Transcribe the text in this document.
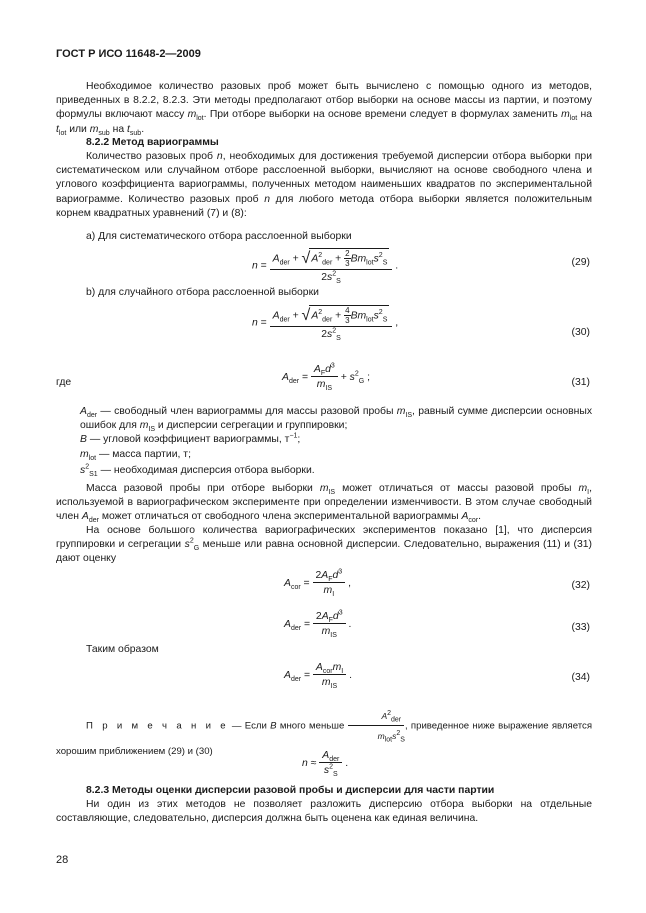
ГОСТ Р ИСО 11648-2—2009
Необходимое количество разовых проб может быть вычислено с помощью одного из методов, приведенных в 8.2.2, 8.2.3. Эти методы предполагают отбор выборки на основе массы из партии, и поэтому формулы включают массу $m_{lot}$. При отборе выборки на основе времени следует в формулах заменить $m_{lot}$ на $t_{lot}$ или $m_{sub}$ на $t_{sub}$.
8.2.2 Метод вариограммы
Количество разовых проб n, необходимых для достижения требуемой дисперсии отбора выборки при систематическом или случайном отборе расслоенной выборки, вычисляют на основе свободного члена и углового коэффициента вариограммы, полученных методом наименьших квадратов по экспериментальной вариограмме. Количество разовых проб n для любого метода отбора выборки является положительным корнем квадратных уравнений (7) и (8):
a) Для систематического отбора расслоенной выборки
$n = \frac{A_{der} + √A^2_{der} + \frac{2}{3} Bm_{lot}s^2_S}{2s^2_S}$ .	(29)
b) для случайного отбора расслоенной выборки
$n = \frac{A_{der} + √A^2_{der} + \frac{4}{3} Bm_{lot}s^2_S}{2s^2_S}$ ,
(30)
где	$A_{der} = \frac{A_Fd^3}{m_{IS}} + s^2_G$ ;	(31)
$A_{der}$ — свободный член вариограммы для массы разовой пробы $m_{IS}$, равный сумме дисперсии основных ошибок для $m_{IS}$ и дисперсии сегрегации и группировки;
B — угловой коэффициент вариограммы, $т^{-1}$;
$m_{lot}$ — масса партии, т;
$s^2_{S1}$ — необходимая дисперсия отбора выборки.
Масса разовой пробы при отборе выборки $m_{IS}$ может отличаться от массы разовой пробы $m_I$, используемой в вариографическом эксперименте при определении изменчивости. В этом случае свободный член $A_{der}$ может отличаться от свободного члена экспериментальной вариограммы $A_{cor}$.
На основе большого количества вариографических экспериментов показано [1], что дисперсия группировки и сегрегации $s^2_G$ меньше или равна основной дисперсии. Следовательно, выражения (11) и (31) дают оценку
$A_{cor} = \frac{2A_Fd^3}{m_I}$ ,	(32)
$A_{der} = \frac{2A_Fd^3}{m_{IS}}$ .	(33)
Таким образом
$A_{der} = \frac{A_{cor}m_I}{m_{IS}}$ .	(34)
П р и м е ч а н и е — Если B много меньше $\frac{A^2_{der}}{m_{lot}s^2_S}$ , приведенное ниже выражение является хорошим приближением (29) и (30)
$n \approx \frac{A_{der}}{s^2_S}$ .
8.2.3 Методы оценки дисперсии разовой пробы и дисперсии для части партии
Ни один из этих методов не позволяет разложить дисперсию отбора выборки на отдельные составляющие, следовательно, дисперсия должна быть оценена как единая величина.
28
